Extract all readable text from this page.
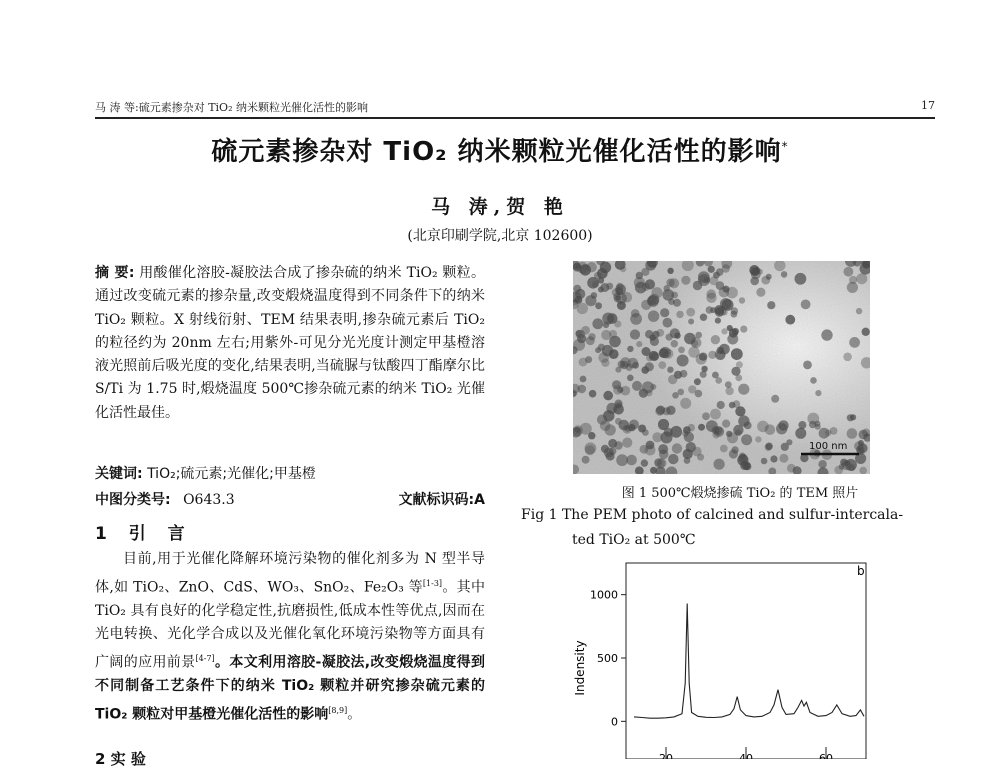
马 涛 等:硫元素掺杂对 TiO₂ 纳米颗粒光催化活性的影响	17
硫元素掺杂对 TiO₂ 纳米颗粒光催化活性的影响*
马 涛,贺 艳
(北京印刷学院,北京 102600)
摘 要: 用酸催化溶胶-凝胶法合成了掺杂硫的纳米 TiO₂ 颗粒。通过改变硫元素的掺杂量,改变煅烧温度得到不同条件下的纳米 TiO₂ 颗粒。X 射线衍射、TEM 结果表明,掺杂硫元素后 TiO₂ 的粒径约为 20nm 左右;用紫外-可见分光光度计测定甲基橙溶液光照前后吸光度的变化,结果表明,当硫脲与钛酸四丁酯摩尔比 S/Ti 为 1.75 时,煅烧温度 500℃掺杂硫元素的纳米 TiO₂ 光催化活性最佳。
关键词: TiO₂;硫元素;光催化;甲基橙
中图分类号: O643.3	文献标识码:A
1 引 言

目前,用于光催化降解环境污染物的催化剂多为 N 型半导体,如 TiO₂、ZnO、CdS、WO₃、SnO₂、Fe₂O₃ 等[1-3]。其中 TiO₂ 具有良好的化学稳定性,抗磨损性,低成本性等优点,因而在光电转换、光化学合成以及光催化氧化环境污染物等方面具有广阔的应用前景[4-7]。本文利用溶胶-凝胶法,改变煅烧温度得到不同制备工艺条件下的纳米 TiO₂ 颗粒并研究掺杂硫元素的 TiO₂ 颗粒对甲基橙光催化活性的影响[8,9]。

2 实 验
100 nm
图 1 500℃煅烧掺硫 TiO₂ 的 TEM 照片
Fig 1 The PEM photo of calcined and sulfur-intercala-
ted TiO₂ at 500℃
b
Indensity
0
500
1000
20	40	60
